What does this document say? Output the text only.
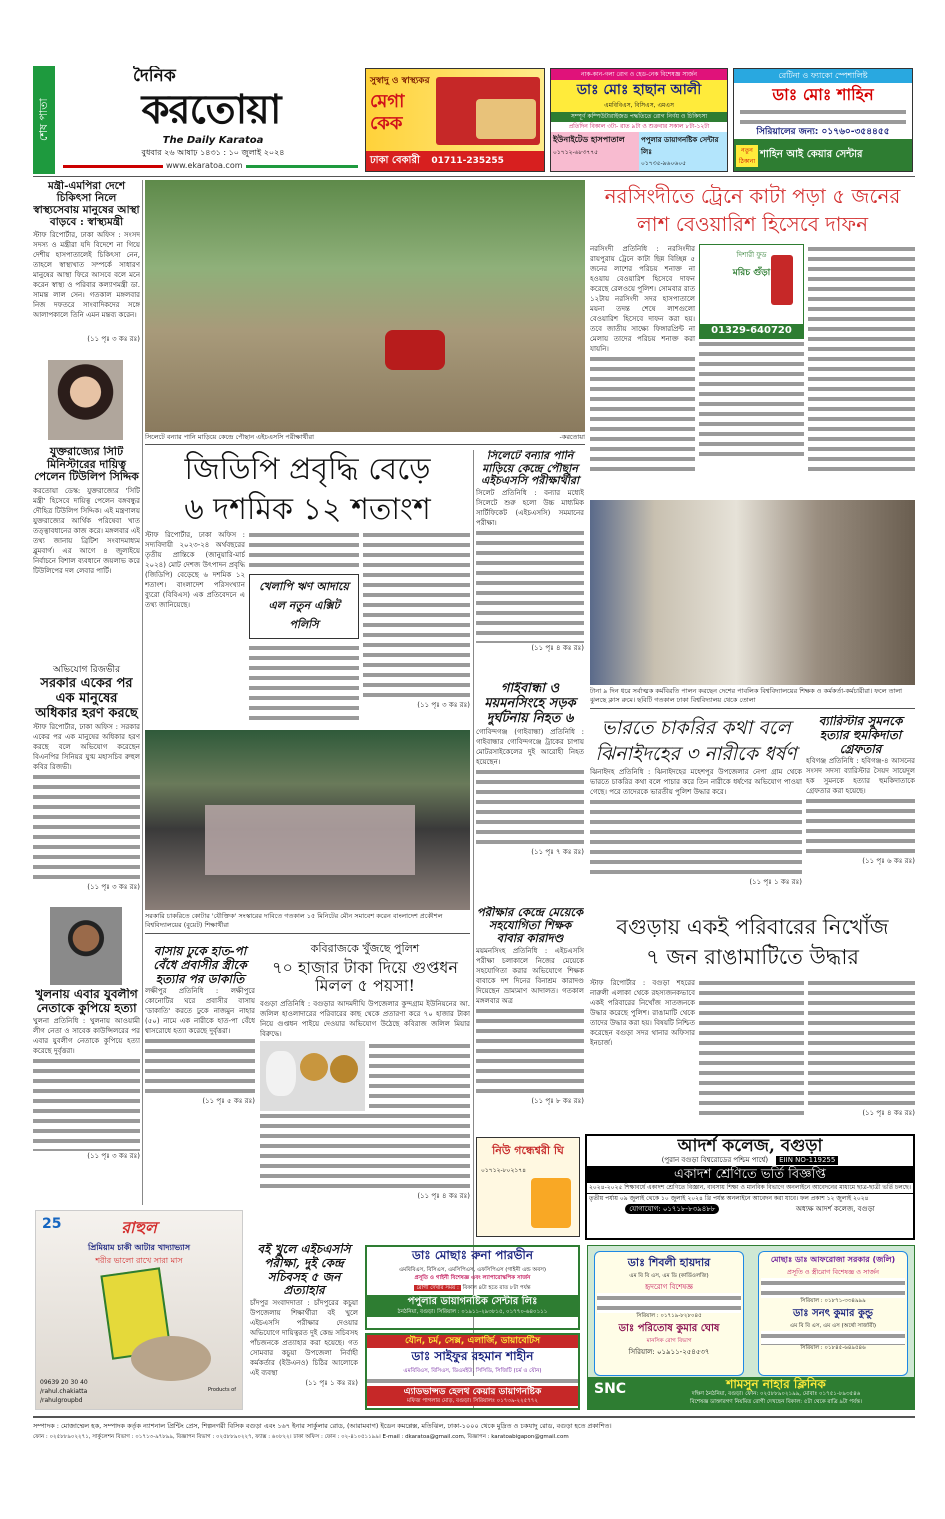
শেষ পাতা
দৈনিক
করতোয়া
The Daily Karatoa
বুধবার ২৬ আষাঢ় ১৪৩১ : ১০ জুলাই ২০২৪
www.ekaratoa.com
সুস্বাদু ও স্বাস্থ্যকর
মেগা কেক
ঢাকা বেকারী 01711-235255
নাক-কান-গলা রোগ ও হেড-নেক বিশেষজ্ঞ সার্জন
ডাঃ মোঃ হাছান আলী
এমবিবিএস, বিসিএস, এমএস
সম্পূর্ণ কম্পিউটারাইজড পদ্ধতিতে রোগ নির্ণয় ও চিকিৎসা
প্রতিদিন বিকাল ৩টা- রাত ৯টা ও শুক্রবার সকাল ৮টা-১২টা
ইউনাইটেড হাসপাতাল
০১৭১২-৬৮৩৭৭৫
পপুলার ডায়াগনষ্টিক সেন্টার লিঃ
০১৭৩৫-৯৬০৬০৫
রেটিনা ও ফ্যাকো স্পেশালিষ্ট
ডাঃ মোঃ শাহিন
সিরিয়ালের জন্য: ০১৭৬০-৩৫৪৪৫৫
নতুন ঠিকানা
শাহিন আই কেয়ার সেন্টার
মন্ত্রী-এমপিরা দেশে চিকিৎসা নিলে স্বাস্থ্যসেবায় মানুষের আস্থা বাড়বে : স্বাস্থ্যমন্ত্রী
স্টাফ রিপোর্টার, ঢাকা অফিস : সংসদ সদস্য ও মন্ত্রীরা যদি বিদেশে না গিয়ে দেশীয় হাসপাতালেই চিকিৎসা নেন, তাহলে স্বাস্থ্যখাত সম্পর্কে সাধারণ মানুষের আস্থা ফিরে আসবে বলে মনে করেন স্বাস্থ্য ও পরিবার কল্যাণমন্ত্রী ডা. সামন্ত লাল সেন। গতকাল মঙ্গলবার নিজ দফতরে সাংবাদিকদের সঙ্গে আলাপকালে তিনি এমন মন্তব্য করেন।
(১১ পৃঃ ৩ কঃ রঃ)
যুক্তরাজ্যের সিটি মিনিস্টারের দায়িত্ব পেলেন টিউলিপ সিদ্দিক
করতোয়া ডেস্ক: যুক্তরাজ্যের 'সিটি মন্ত্রী' হিসেবে দায়িত্ব পেলেন বঙ্গবন্ধুর দৌহিত্র টিউলিপ সিদ্দিক। এই মন্ত্রণালয় যুক্তরাজ্যের আর্থিক পরিষেবা খাত তত্ত্বাবধানের কাজ করে। মঙ্গলবার এই তথ্য জানায় ব্রিটিশ সংবাদমাধ্যম ব্লুমবার্গ। এর আগে ৪ জুলাইয়ে নির্বাচনে বিশাল ব্যবধানে জয়লাভ করে টিউলিপের দল লেবার পার্টি।
অভিযোগ রিজভীর
সরকার একের পর এক মানুষের অধিকার হরণ করছে
স্টাফ রিপোর্টার, ঢাকা অফিস : সরকার একের পর এক মানুষের অধিকার হরণ করছে বলে অভিযোগ করেছেন বিএনপির সিনিয়র যুগ্ম মহাসচিব রুহুল কবির রিজভী।
(১১ পৃঃ ৩ কঃ রঃ)
খুলনায় এবার যুবলীগ নেতাকে কুপিয়ে হত্যা
খুলনা প্রতিনিধি : খুলনায় আওয়ামী লীগ নেতা ও সাবেক কাউন্সিলরের পর এবার যুবলীগ নেতাকে কুপিয়ে হত্যা করেছে দুর্বৃত্তরা।
(১১ পৃঃ ৩ কঃ রঃ)
সিলেটে বন্যার পানি মাড়িয়ে কেন্দ্রে পৌছান এইচএসসি পরীক্ষার্থীরা	-করতোয়া
জিডিপি প্রবৃদ্ধি বেড়ে
৬ দশমিক ১২ শতাংশ
স্টাফ রিপোর্টার, ঢাকা অফিস : সদ্যবিদায়ী ২০২৩-২৪ অর্থবছরের তৃতীয় প্রান্তিকে (জানুয়ারি-মার্চ ২০২৪) মোট দেশজ উৎপাদন প্রবৃদ্ধি (জিডিপি) বেড়েছে ৬ দশমিক ১২ শতাংশ। বাংলাদেশ পরিসংখ্যান ব্যুরো (বিবিএস) এক প্রতিবেদনে এ তথ্য জানিয়েছে।
খেলাপি ঋণ আদায়ে এল নতুন এক্সিট পলিসি
(১১ পৃঃ ৩ কঃ রঃ)
সিলেটে বন্যার পানি মাড়িয়ে কেন্দ্রে পৌছান এইচএসসি পরীক্ষার্থীরা
সিলেট প্রতিনিধি : বন্যার মধ্যেই সিলেটে শুরু হলো উচ্চ মাধ্যমিক সার্টিফিকেট (এইচএসসি) সমমানের পরীক্ষা।
(১১ পৃঃ ৪ কঃ রঃ)
সরকারি চাকরিতে কোটার 'যৌক্তিক' সংস্কারের দাবিতে গতকাল ১৫ মিনিটের মৌন সমাবেশ করেন বাংলাদেশ প্রকৌশল বিশ্ববিদ্যালয়ের (বুয়েট) শিক্ষার্থীরা
গাইবান্ধা ও ময়মনসিংহে সড়ক দুর্ঘটনায় নিহত ৬
গোবিন্দগঞ্জ (গাইবান্ধা) প্রতিনিধি : গাইবান্ধার গোবিন্দগঞ্জে ট্রাকের চাপায় মোটরসাইকেলের দুই আরোহী নিহত হয়েছেন।
(১১ পৃঃ ৭ কঃ রঃ)
পরীক্ষার কেন্দ্রে মেয়েকে সহযোগিতা শিক্ষক বাবার কারাদণ্ড
ময়মনসিংহ প্রতিনিধি : এইচএসসি পরীক্ষা চলাকালে নিজের মেয়েকে সহযোগিতা করার অভিযোগে শিক্ষক বাবাকে দশ দিনের বিনাশ্রম কারাদণ্ড দিয়েছেন ভ্রাম্যমাণ আদালত। গতকাল মঙ্গলবার অত্র
(১১ পৃঃ ৮ কঃ রঃ)
বাসায় ঢুকে হাত-পা বেঁধে প্রবাসীর স্ত্রীকে হত্যার পর ডাকাতি
লক্ষীপুর প্রতিনিধি : লক্ষীপুরে কোনোটির ঘরে প্রবাসীর বাসায় 'ডাকাতি' করতে ঢুকে নাজমুন নাহার (৫০) নামে এক নারীকে হাত-পা বেঁধে শ্বাসরোধে হত্যা করেছে দুর্বৃত্তরা।
(১১ পৃঃ ৫ কঃ রঃ)
কবিরাজকে খুঁজছে পুলিশ
৭০ হাজার টাকা দিয়ে গুপ্তধন
মিলল ৫ পয়সা!
বগুড়া প্রতিনিধি : বগুড়ার আদমদীঘি উপজেলার কুন্দগ্রাম ইউনিয়নের আ. জলিল হাওলাদারের পরিবারের কাছ থেকে প্রতারণা করে ৭০ হাজার টাকা নিয়ে গুপ্তধন পাইয়ে দেওয়ার অভিযোগ উঠেছে কবিরাজ জলিল মিয়ার বিরুদ্ধে।
(১১ পৃঃ ৪ কঃ রঃ)
নরসিংদীতে ট্রেনে কাটা পড়া ৫ জনের
লাশ বেওয়ারিশ হিসেবে দাফন
নরসিংদী প্রতিনিধি : নরসিংদীর রায়পুরায় ট্রেনে কাটা ছিন্ন বিচ্ছিন্ন ৫ জনের লাশের পরিচয় শনাক্ত না হওয়ায় বেওয়ারিশ হিসেবে দাফন করেছে রেলওয়ে পুলিশ। সোমবার রাত ১২টায় নরসিংদী সদর হাসপাতালে ময়না তদন্ত শেষে লাশগুলো বেওয়ারিশ হিসেবে দাফন করা হয়। তবে জাতীয় সাক্ষ্যে ফিঙ্গারপ্রিন্ট না মেলায় তাদের পরিচয় শনাক্ত করা যায়নি।
দিশারী ফুড
মরিচ গুঁড়া
01329-640720
টানা ৯ দিন ধরে সর্বাত্মক কর্মবিরতি পালন করছেন দেশের পাবলিক বিশ্ববিদ্যালয়ের শিক্ষক ও কর্মকর্তা-কর্মচারীরা। ফলে তালা ঝুলছে ক্লাস রুমে। ছবিটি গতকাল ঢাকা বিশ্ববিদ্যালয় থেকে তোলা
ভারতে চাকরির কথা বলে
ঝিনাইদহের ৩ নারীকে ধর্ষণ
ঝিনাইদহ প্রতিনিধি : ঝিনাইদহের মহেশপুর উপজেলার নেপা গ্রাম থেকে ভারতে চাকরির কথা বলে পাচার করে তিন নারীকে ধর্ষণের অভিযোগ পাওয়া গেছে। পরে তাদেরকে ভারতীয় পুলিশ উদ্ধার করে।
(১১ পৃঃ ১ কঃ রঃ)
ব্যারিস্টার সুমনকে হত্যার হুমকিদাতা গ্রেফতার
হবিগঞ্জ প্রতিনিধি : হবিগঞ্জ-৪ আসনের সংসদ সদস্য ব্যারিস্টার সৈয়দ সায়েদুল হক সুমনকে হত্যার হুমকিদাতাকে গ্রেফতার করা হয়েছে।
(১১ পৃঃ ৬ কঃ রঃ)
বগুড়ায় একই পরিবারের নিখোঁজ
৭ জন রাঙামাটিতে উদ্ধার
স্টাফ রিপোর্টার : বগুড়া শহরের নারুলী এলাকা থেকে রহস্যজনকভাবে একই পরিবারের নিখোঁজ সাতজনকে উদ্ধার করেছে পুলিশ। রাঙামাটি থেকে তাদের উদ্ধার করা হয়। বিষয়টি নিশ্চিত করেছেন বগুড়া সদর থানার অফিসার ইনচার্জ।
(১১ পৃঃ ৪ কঃ রঃ)
নিউ গন্ধেশ্বরী ঘি
০১৭১২-৮০২১৭৪
বই খুলে এইচএসসি পরীক্ষা, দুই কেন্দ্র সচিবসহ ৫ জন প্রত্যাহার
চাঁদপুর সংবাদদাতা : চাঁদপুরের কচুয়া উপজেলায় শিক্ষার্থীরা বই খুলে এইচএসসি পরীক্ষার দেওয়ার অভিযোগে দায়িত্বরত দুই কেন্দ্র সচিবসহ পাঁচজনকে প্রত্যাহার করা হয়েছে। গত সোমবার কচুয়া উপজেলা নির্বাহী কর্মকর্তার (ইউএনও) চিঠির আলোকে এই ব্যবস্থা
(১১ পৃঃ ১ কঃ রঃ)
আদর্শ কলেজ, বগুড়া
(পুরান বগুড়া বিশ্বরোডের পশ্চিম পার্শ্বে)	EIIN NO-119255
একাদশ শ্রেণিতে ভর্তি বিজ্ঞপ্তি
২০২৪-২০২৫ শিক্ষাবর্ষে একাদশ শ্রেণিতে বিজ্ঞান, ব্যবসায় শিক্ষা ও মানবিক বিভাগে অনলাইনে আবেদনের মাধ্যমে ছাত্র-ছাত্রী ভর্তি চলছে।
তৃতীয় পর্যায় ০৯ জুলাই থেকে ১০ জুলাই ২০২৪ খ্রি পর্যন্ত অনলাইনে আবেদন করা যাবে। ফল প্রকাশ ১২ জুলাই ২০২৪
যোগাযোগ: ০১৭১৮-৮৩৯৪৮৮	অধ্যক্ষ আদর্শ কলেজ, বগুড়া
25	রাহুল
প্রিমিয়াম চাকী আটার খাদ্যাভ্যাস
শরীর ভালো রাখে সারা মাস
09639 20 30 40
/rahul.chakiatta
/rahulgroupbd
Products of
ডাঃ মোছাঃ রুনা পারভীন
এমবিবিএস, বিসিএস, এমসিপিএস, এফসিপিএস (গাইনী এন্ড অবস)
প্রসূতি ও গাইনী বিশেষজ্ঞ এবং ল্যাপারোস্কপিক সার্জন
রোগী দেখার সময় : বিকাল ৪টা হতে রাত ৮টা পর্যন্ত
পপুলার ডায়াগনষ্টিক সেন্টার লিঃ
ঠনঠনিয়া, বগুড়া। সিরিয়াল : ০১৯১১-২৯৩৮১৫, ০১৭৭০-৬৪০১১১
যৌন, চর্ম, সেক্স, এলার্জি, ডায়াবেটিস
ডাঃ সাইফুর রহমান শাহীন
এমবিবিএস, বিসিএস, ডিএমইউ, সিসিডি, সিজিটি (চর্ম ও যৌন)
এ্যাডভান্সড হেলথ কেয়ার ডায়াগনষ্টিক
মফিজ পাগলার মোড়, বগুড়া। সিরিয়ালঃ ০১৭৩৯-২২৫৭৭২
ডাঃ শিবলী হায়দার
এম বি বি এস, এম ডি (কার্ডিওলজি)
হৃদরোগ বিশেষজ্ঞ
সিরিয়াল : ০১৭১৯-৮২৮০৪৫
ডাঃ পরিতোষ কুমার ঘোষ
মানসিক রোগ বিভাগ
সিরিয়াল: ০১৯১১-২৫৪৫৩৭
মোছাঃ ডাঃ আফরোজা সরকার (জলি)
প্রসূতি ও স্ত্রীরোগ বিশেষজ্ঞ ও সার্জন
সিরিয়াল : ০১৮৭১-৩৩৪৯৯৯
ডাঃ সনৎ কুমার কুন্ডু
এম বি বি এস, এম এস (অর্থো সার্জারী)
সিরিয়াল : ০১৮৪৫-৬৪৯৫৪৬
SNC	শামসুন নাহার ক্লিনিক
দক্ষিণ ঠনঠনিয়া, বগুড়া। ফোন: ০২৫৮৮৯০২১৯৯, মোবাঃ ০১৭৫১-৮৯৩৫৪৬
বিশেষজ্ঞ ডাক্তারগণ নিয়মিত রোগী দেখছেন বিকাল: ৫টা থেকে রাত্রি ৯টা পর্যন্ত।
সম্পাদক : মোজাম্মেল হক, সম্পাদক কর্তৃক ন্যাশনাল প্রিন্টিং প্রেস, শিল্পনগরী বিসিক বগুড়া এবং ১৬৭ ইনার সার্কুলার রোড, (আরামবাগ) ইডেন কমপ্লেক্স, মতিঝিল, ঢাকা-১০০০ থেকে মুদ্রিত ও চকযাদু রোড, বগুড়া হতে প্রকাশিত।
ফোন : ০২৫৮৮৯০২২৭১, সার্কুলেশন বিভাগ : ০১৭১৩-৯৭৮৯৯, বিজ্ঞাপন বিভাগ : ০২৫৮৮৯০২২৭, ফ্যাক্স : ৬০৮২২। ঢাকা অফিস : ফোন : ০২-৪১০৫১১৯৯। E-mail : dkaratoa@gmail.com, বিজ্ঞাপন : karatoabigapon@gmail.com
